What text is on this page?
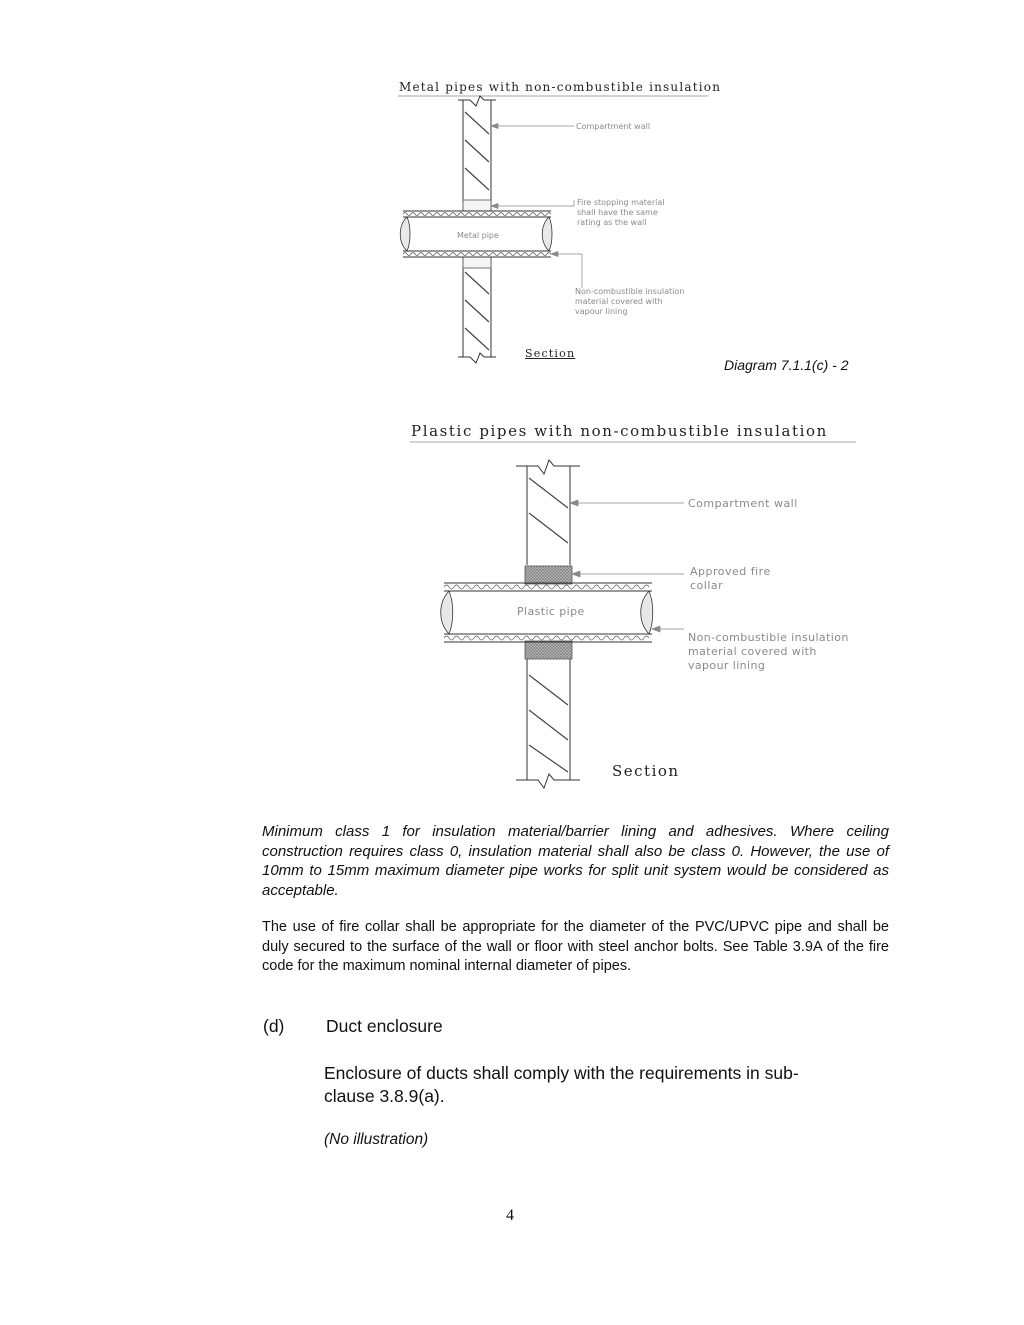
Metal pipes with non-combustible insulation
Compartment wall
Fire stopping material
shall have the same
rating as the wall
Metal pipe
Non-combustible insulation
material covered with
vapour lining
Section
Diagram 7.1.1(c) - 2
Plastic pipes with non-combustible insulation
Compartment wall
Approved fire
collar
Plastic pipe
Non-combustible insulation
material covered with
vapour lining
Section
Minimum class 1 for insulation material/barrier lining and adhesives. Where ceiling construction requires class 0, insulation material shall also be class 0. However, the use of 10mm to 15mm maximum diameter pipe works for split unit system would be considered as acceptable.
The use of fire collar shall be appropriate for the diameter of the PVC/UPVC pipe and shall be duly secured to the surface of the wall or floor with steel anchor bolts. See Table 3.9A of the fire code for the maximum nominal internal diameter of pipes.
(d) Duct enclosure
Enclosure of ducts shall comply with the requirements in sub-clause 3.8.9(a).
(No illustration)
4
